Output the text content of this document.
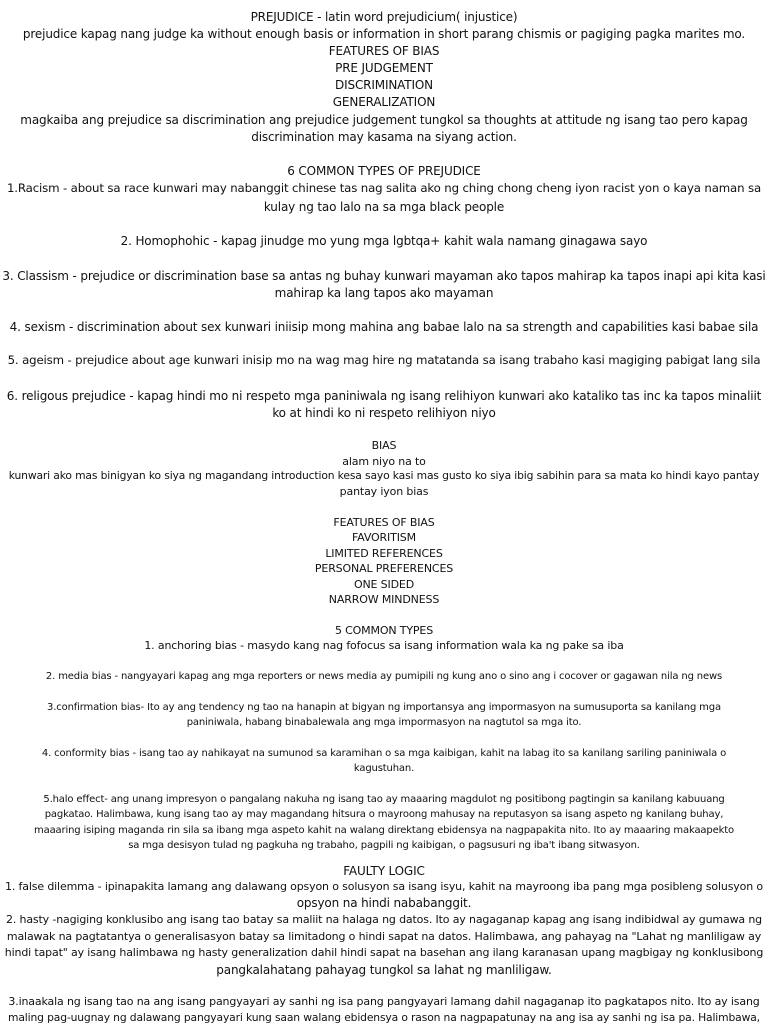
PREJUDICE - latin word prejudicium( injustice)
prejudice kapag nang judge ka without enough basis or information in short parang chismis or pagiging pagka marites mo.
FEATURES OF BIAS
PRE JUDGEMENT
DISCRIMINATION
GENERALIZATION
magkaiba ang prejudice sa discrimination ang prejudice judgement tungkol sa thoughts at attitude ng isang tao pero kapag
discrimination may kasama na siyang action.
6 COMMON TYPES OF PREJUDICE
1.Racism - about sa race kunwari may nabanggit chinese tas nag salita ako ng ching chong cheng iyon racist yon o kaya naman sa
kulay ng tao lalo na sa mga black people
2. Homophohic - kapag jinudge mo yung mga lgbtqa+ kahit wala namang ginagawa sayo
3. Classism - prejudice or discrimination base sa antas ng buhay kunwari mayaman ako tapos mahirap ka tapos inapi api kita kasi
mahirap ka lang tapos ako mayaman
4. sexism - discrimination about sex kunwari iniisip mong mahina ang babae lalo na sa strength and capabilities kasi babae sila
5. ageism - prejudice about age kunwari inisip mo na wag mag hire ng matatanda sa isang trabaho kasi magiging pabigat lang sila
6. religous prejudice - kapag hindi mo ni respeto mga paniniwala ng isang relihiyon kunwari ako kataliko tas inc ka tapos minaliit
ko at hindi ko ni respeto relihiyon niyo
BIAS
alam niyo na to
kunwari ako mas binigyan ko siya ng magandang introduction kesa sayo kasi mas gusto ko siya ibig sabihin para sa mata ko hindi kayo pantay
pantay iyon bias
FEATURES OF BIAS
FAVORITISM
LIMITED REFERENCES
PERSONAL PREFERENCES
ONE SIDED
NARROW MINDNESS
5 COMMON TYPES
1. anchoring bias - masydo kang nag fofocus sa isang information wala ka ng pake sa iba
2. media bias - nangyayari kapag ang mga reporters or news media ay pumipili ng kung ano o sino ang i cocover or gagawan nila ng news
3.confirmation bias- Ito ay ang tendency ng tao na hanapin at bigyan ng importansya ang impormasyon na sumusuporta sa kanilang mga
paniniwala, habang binabalewala ang mga impormasyon na nagtutol sa mga ito.
4. conformity bias - isang tao ay nahikayat na sumunod sa karamihan o sa mga kaibigan, kahit na labag ito sa kanilang sariling paniniwala o
kagustuhan.
5.halo effect- ang unang impresyon o pangalang nakuha ng isang tao ay maaaring magdulot ng positibong pagtingin sa kanilang kabuuang
pagkatao. Halimbawa, kung isang tao ay may magandang hitsura o mayroong mahusay na reputasyon sa isang aspeto ng kanilang buhay,
maaaring isiping maganda rin sila sa ibang mga aspeto kahit na walang direktang ebidensya na nagpapakita nito. Ito ay maaaring makaapekto
sa mga desisyon tulad ng pagkuha ng trabaho, pagpili ng kaibigan, o pagsusuri ng iba't ibang sitwasyon.
FAULTY LOGIC
1. false dilemma - ipinapakita lamang ang dalawang opsyon o solusyon sa isang isyu, kahit na mayroong iba pang mga posibleng solusyon o
opsyon na hindi nababanggit.
2. hasty -nagiging konklusibo ang isang tao batay sa maliit na halaga ng datos. Ito ay nagaganap kapag ang isang indibidwal ay gumawa ng
malawak na pagtatantya o generalisasyon batay sa limitadong o hindi sapat na datos. Halimbawa, ang pahayag na "Lahat ng manliligaw ay
hindi tapat" ay isang halimbawa ng hasty generalization dahil hindi sapat na basehan ang ilang karanasan upang magbigay ng konklusibong
pangkalahatang pahayag tungkol sa lahat ng manliligaw.
3.inaakala ng isang tao na ang isang pangyayari ay sanhi ng isa pang pangyayari lamang dahil nagaganap ito pagkatapos nito. Ito ay isang
maling pag-uugnay ng dalawang pangyayari kung saan walang ebidensya o rason na nagpapatunay na ang isa ay sanhi ng isa pa. Halimbawa,
